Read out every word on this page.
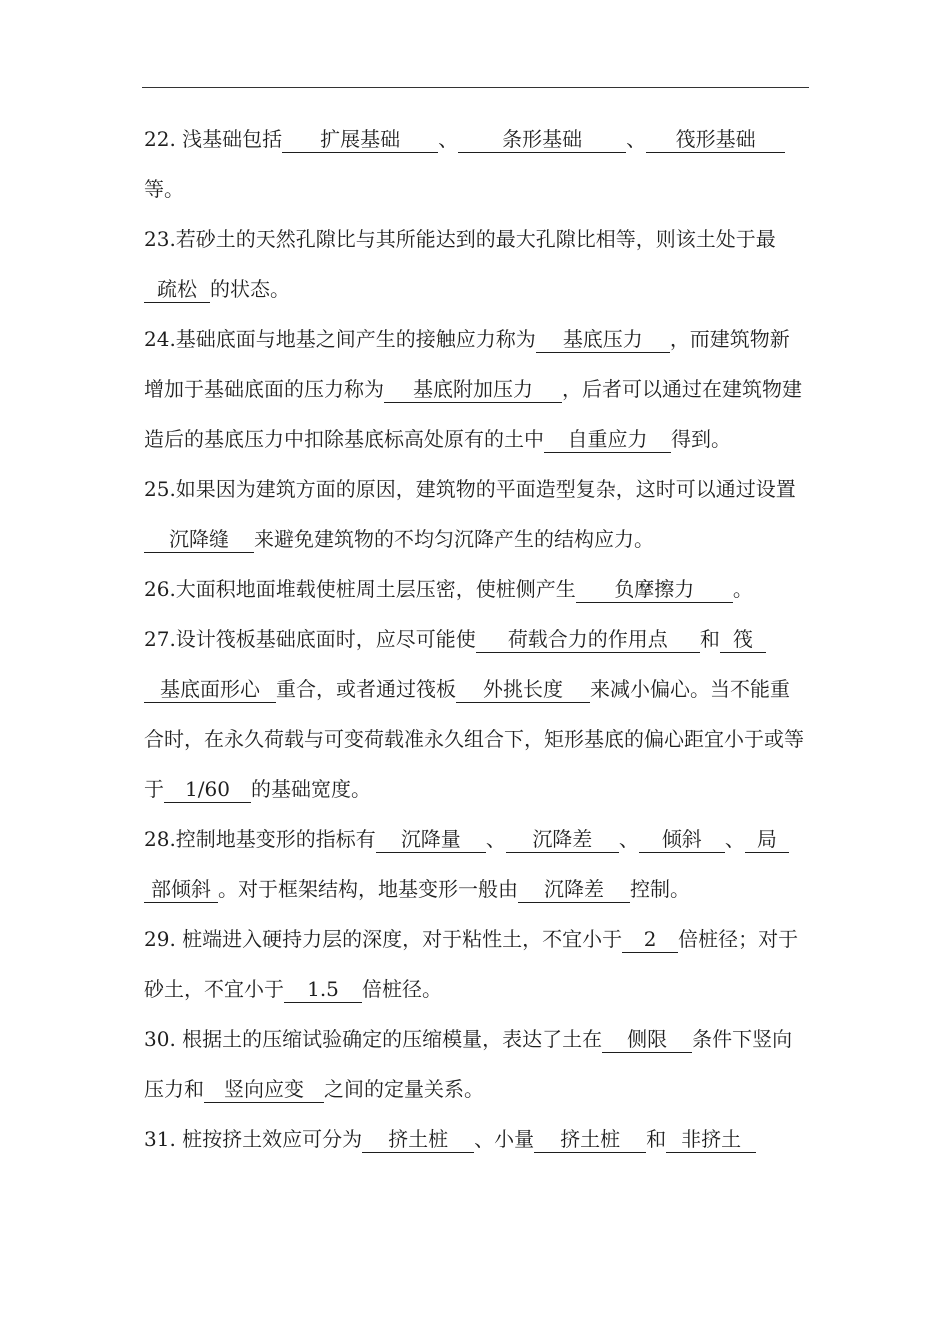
22. 浅基础包括 扩展基础 、 条形基础 、 筏形基础等。

23.若砂土的天然孔隙比与其所能达到的最大孔隙比相等，则该土处于最疏松 的状态。

24.基础底面与地基之间产生的接触应力称为 基底压力 ，而建筑物新增加于基础底面的压力称为 基底附加压力 ，后者可以通过在建筑物建造后的基底压力中扣除基底标高处原有的土中 自重应力 得到。

25.如果因为建筑方面的原因，建筑物的平面造型复杂，这时可以通过设置沉降缝 来避免建筑物的不均匀沉降产生的结构应力。

26.大面积地面堆载使桩周土层压密，使桩侧产生 负摩擦力 。

27.设计筏板基础底面时，应尽可能使 荷载合力的作用点 和 筏基底面形心 重合，或者通过筏板 外挑长度 来减小偏心。当不能重合时，在永久荷载与可变荷载准永久组合下，矩形基底的偏心距宜小于或等于 1/60 的基础宽度。

28.控制地基变形的指标有 沉降量 、 沉降差 、 倾斜 、 局部倾斜 。对于框架结构，地基变形一般由 沉降差 控制。

29. 桩端进入硬持力层的深度，对于粘性土，不宜小于 2 倍桩径；对于砂土，不宜小于 1.5 倍桩径。

30. 根据土的压缩试验确定的压缩模量，表达了土在 侧限 条件下竖向压力和 竖向应变 之间的定量关系。

31. 桩按挤土效应可分为 挤土桩 、小量 挤土桩 和 非挤土
